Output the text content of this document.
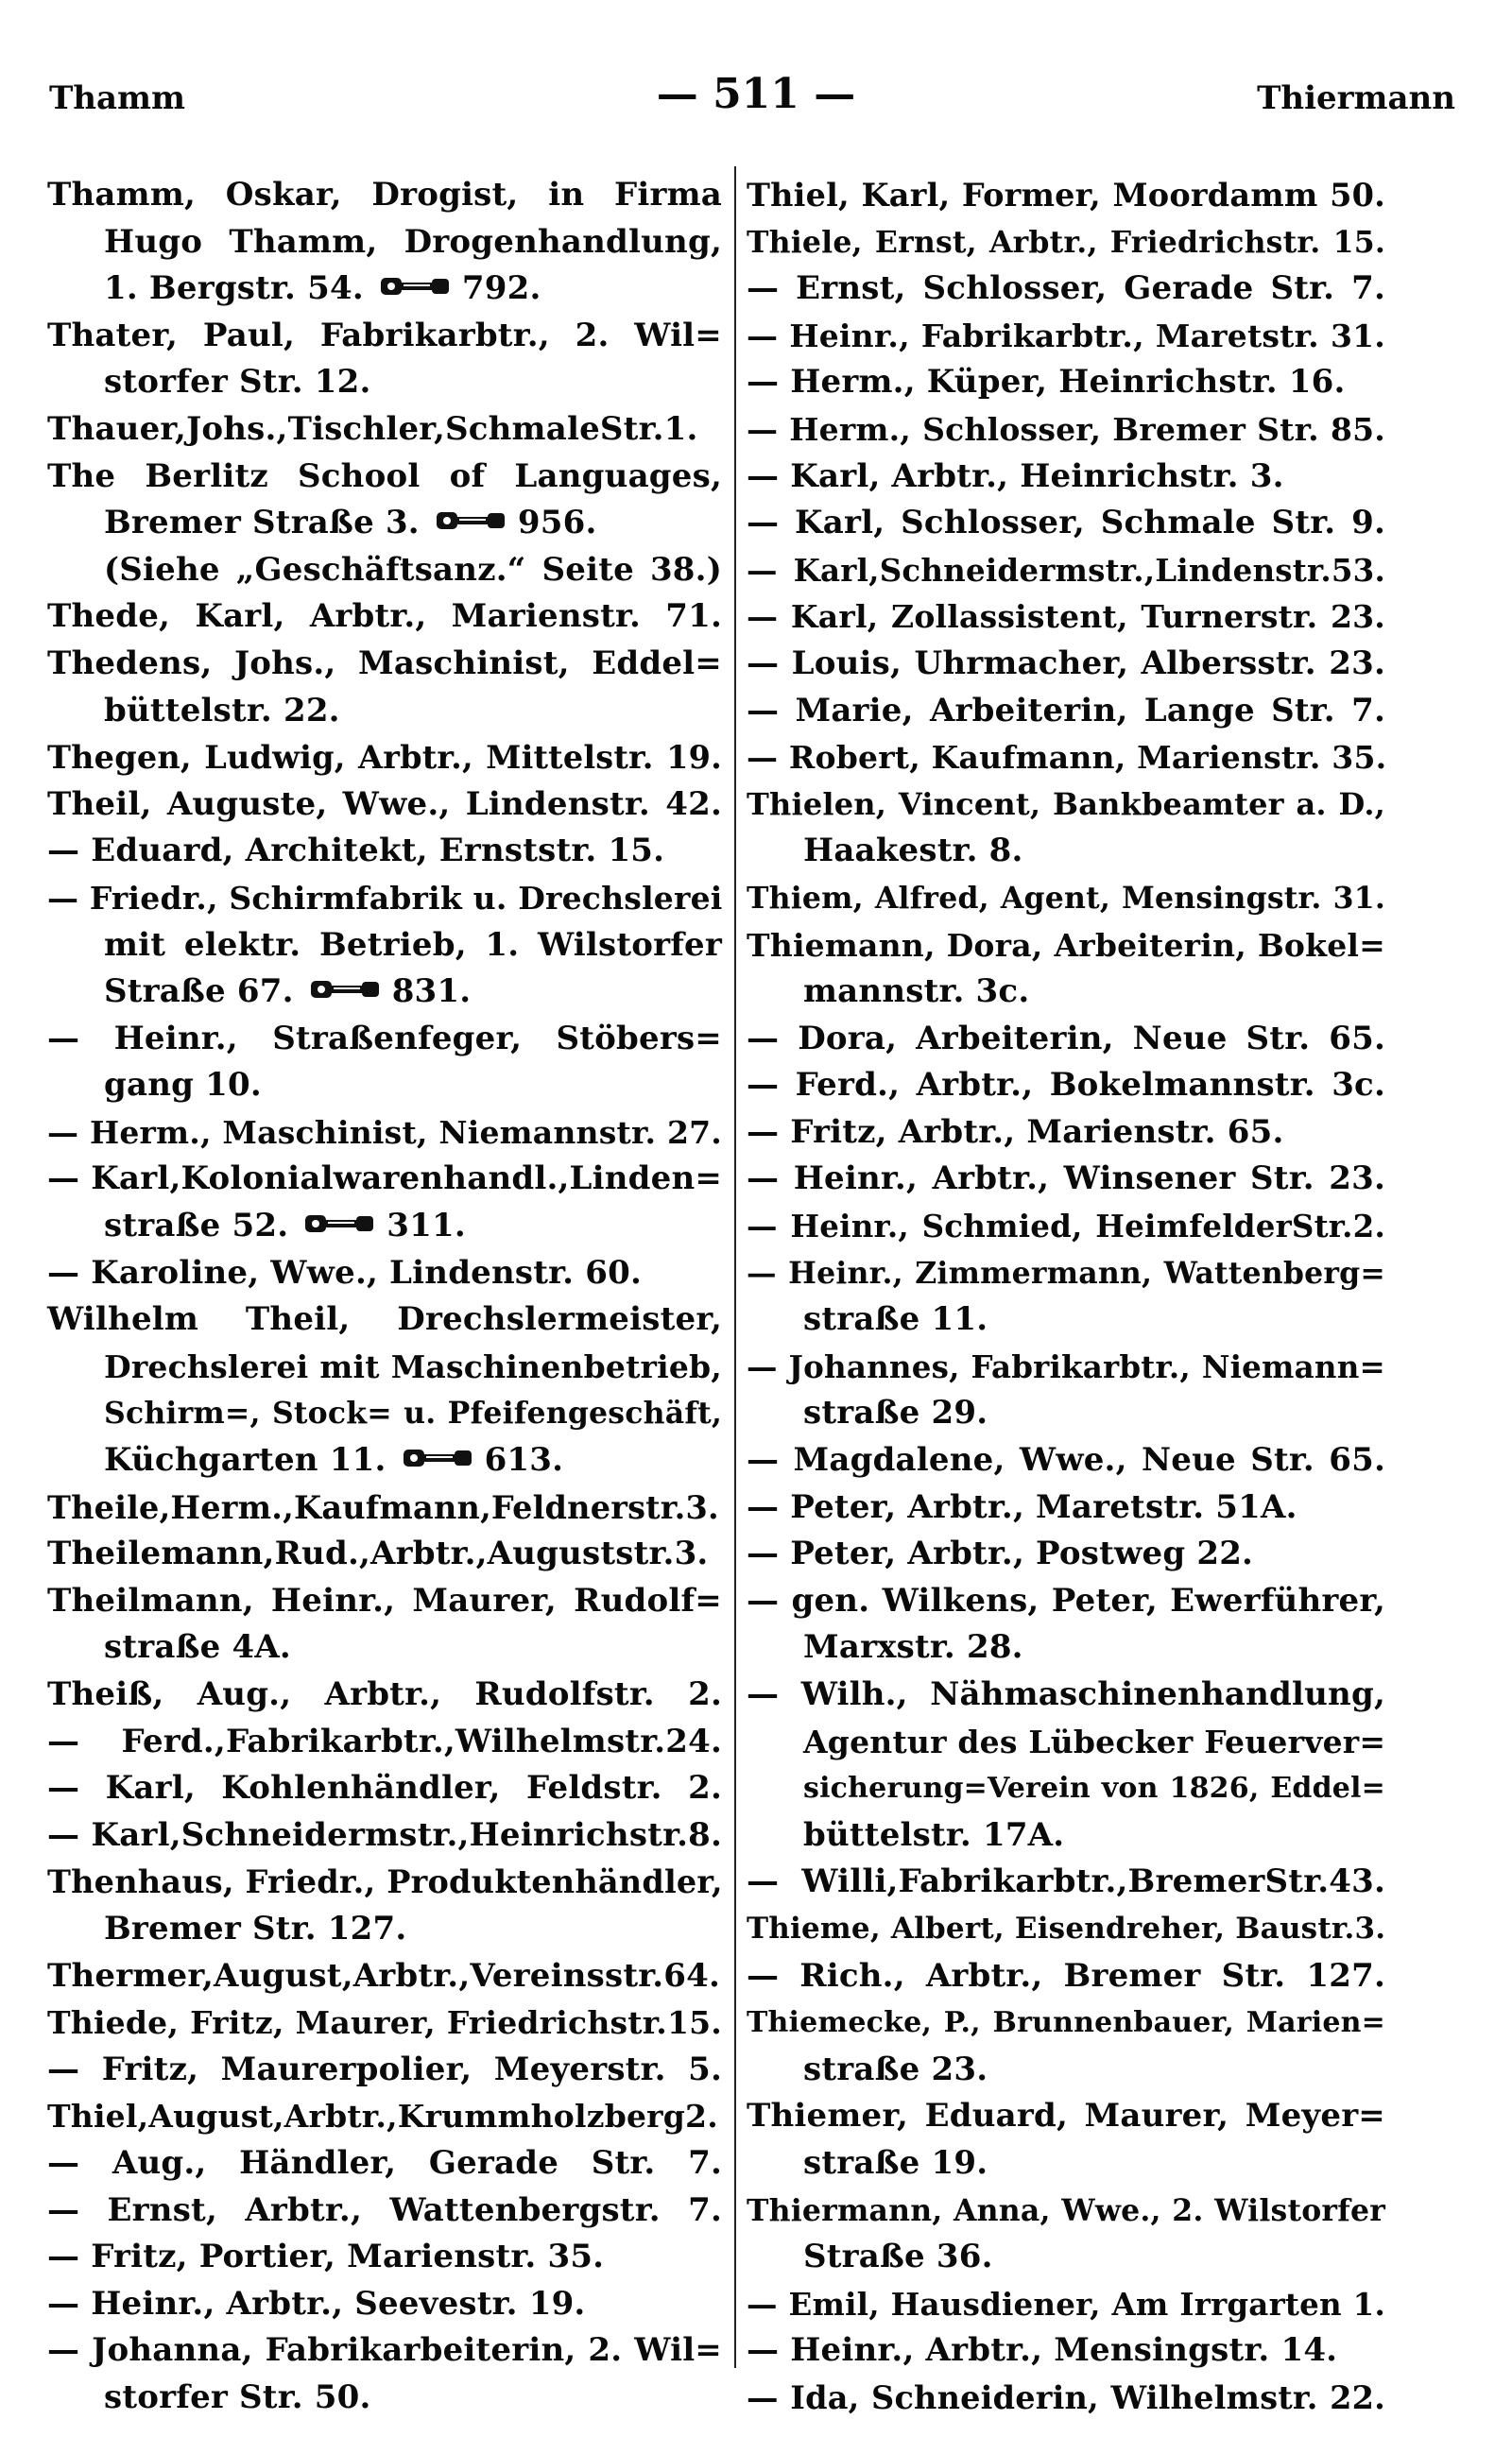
Thamm	— 511 —	Thiermann
Thamm, Oskar, Drogist, in Firma
Hugo Thamm, Drogenhandlung,
1. Bergstr. 54.	792.
Thater, Paul, Fabrikarbtr., 2. Wil=
storfer Str. 12.
Thauer,Johs.,Tischler,SchmaleStr.1.
The Berlitz School of Languages,
Bremer Straße 3.	956.
(Siehe „Geschäftsanz.“ Seite 38.)
Thede, Karl, Arbtr., Marienstr. 71.
Thedens, Johs., Maschinist, Eddel=
büttelstr. 22.
Thegen, Ludwig, Arbtr., Mittelstr. 19.
Theil, Auguste, Wwe., Lindenstr. 42.
— Eduard, Architekt, Ernststr. 15.
— Friedr., Schirmfabrik u. Drechslerei
mit elektr. Betrieb, 1. Wilstorfer
Straße 67.	831.
— Heinr., Straßenfeger, Stöbers=
gang 10.
— Herm., Maschinist, Niemannstr. 27.
— Karl,Kolonialwarenhandl.,Linden=
straße 52.	311.
— Karoline, Wwe., Lindenstr. 60.
Wilhelm Theil, Drechslermeister,
Drechslerei mit Maschinenbetrieb,
Schirm=, Stock= u. Pfeifengeschäft,
Küchgarten 11.	613.
Theile,Herm.,Kaufmann,Feldnerstr.3.
Theilemann,Rud.,Arbtr.,Auguststr.3.
Theilmann, Heinr., Maurer, Rudolf=
straße 4A.
Theiß, Aug., Arbtr., Rudolfstr. 2.
— Ferd.,Fabrikarbtr.,Wilhelmstr.24.
— Karl, Kohlenhändler, Feldstr. 2.
— Karl,Schneidermstr.,Heinrichstr.8.
Thenhaus, Friedr., Produktenhändler,
Bremer Str. 127.
Thermer,August,Arbtr.,Vereinsstr.64.
Thiede, Fritz, Maurer, Friedrichstr.15.
— Fritz, Maurerpolier, Meyerstr. 5.
Thiel,August,Arbtr.,Krummholzberg2.
— Aug., Händler, Gerade Str. 7.
— Ernst, Arbtr., Wattenbergstr. 7.
— Fritz, Portier, Marienstr. 35.
— Heinr., Arbtr., Seevestr. 19.
— Johanna, Fabrikarbeiterin, 2. Wil=
storfer Str. 50.
Thiel, Karl, Former, Moordamm 50.
Thiele, Ernst, Arbtr., Friedrichstr. 15.
— Ernst, Schlosser, Gerade Str. 7.
— Heinr., Fabrikarbtr., Maretstr. 31.
— Herm., Küper, Heinrichstr. 16.
— Herm., Schlosser, Bremer Str. 85.
— Karl, Arbtr., Heinrichstr. 3.
— Karl, Schlosser, Schmale Str. 9.
— Karl,Schneidermstr.,Lindenstr.53.
— Karl, Zollassistent, Turnerstr. 23.
— Louis, Uhrmacher, Albersstr. 23.
— Marie, Arbeiterin, Lange Str. 7.
— Robert, Kaufmann, Marienstr. 35.
Thielen, Vincent, Bankbeamter a. D.,
Haakestr. 8.
Thiem, Alfred, Agent, Mensingstr. 31.
Thiemann, Dora, Arbeiterin, Bokel=
mannstr. 3c.
— Dora, Arbeiterin, Neue Str. 65.
— Ferd., Arbtr., Bokelmannstr. 3c.
— Fritz, Arbtr., Marienstr. 65.
— Heinr., Arbtr., Winsener Str. 23.
— Heinr., Schmied, HeimfelderStr.2.
— Heinr., Zimmermann, Wattenberg=
straße 11.
— Johannes, Fabrikarbtr., Niemann=
straße 29.
— Magdalene, Wwe., Neue Str. 65.
— Peter, Arbtr., Maretstr. 51A.
— Peter, Arbtr., Postweg 22.
— gen. Wilkens, Peter, Ewerführer,
Marxstr. 28.
— Wilh., Nähmaschinenhandlung,
Agentur des Lübecker Feuerver=
sicherung=Verein von 1826, Eddel=
büttelstr. 17A.
— Willi,Fabrikarbtr.,BremerStr.43.
Thieme, Albert, Eisendreher, Baustr.3.
— Rich., Arbtr., Bremer Str. 127.
Thiemecke, P., Brunnenbauer, Marien=
straße 23.
Thiemer, Eduard, Maurer, Meyer=
straße 19.
Thiermann, Anna, Wwe., 2. Wilstorfer
Straße 36.
— Emil, Hausdiener, Am Irrgarten 1.
— Heinr., Arbtr., Mensingstr. 14.
— Ida, Schneiderin, Wilhelmstr. 22.
